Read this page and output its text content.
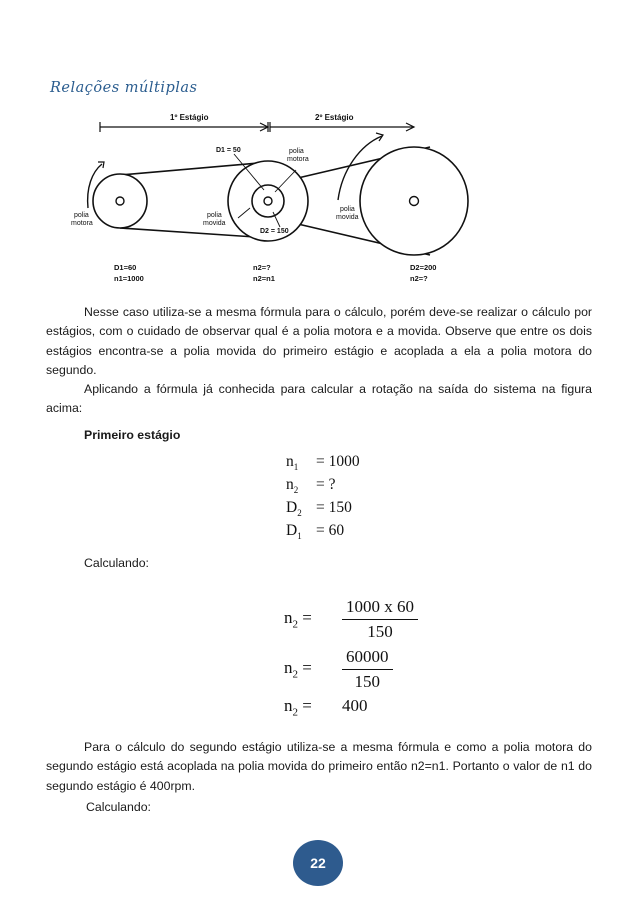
Relações múltiplas
1º Estágio	2º Estágio
D1 = 50	polia
motora
polia
motora
polia
movida
D2 = 150
polia
movida
D1=60
n1=1000
n2=?
n2=n1
D2=200
n2=?

Nesse caso utiliza-se a mesma fórmula para o cálculo, porém deve-se realizar o cálculo por estágios, com o cuidado de observar qual é a polia motora e a movida. Observe que entre os dois estágios encontra-se a polia movida do primeiro estágio e acoplada a ela a polia motora do segundo.

Aplicando a fórmula já conhecida para calcular a rotação na saída do sistema na figura acima:

Primeiro estágio

$n_1$	= 1000
$n_2$	= ?
$D_2 = 150$
$D_1 = 60$

Calculando:

$n_2$ =	$\frac{1000 x 60}{150}$
$n_2$ =	$\frac{60000}{150}$
$n_2$ =	400

Para o cálculo do segundo estágio utiliza-se a mesma fórmula e como a polia motora do segundo estágio está acoplada na polia movida do primeiro então n2=n1. Portanto o valor de n1 do segundo estágio é 400rpm.

Calculando:

22
